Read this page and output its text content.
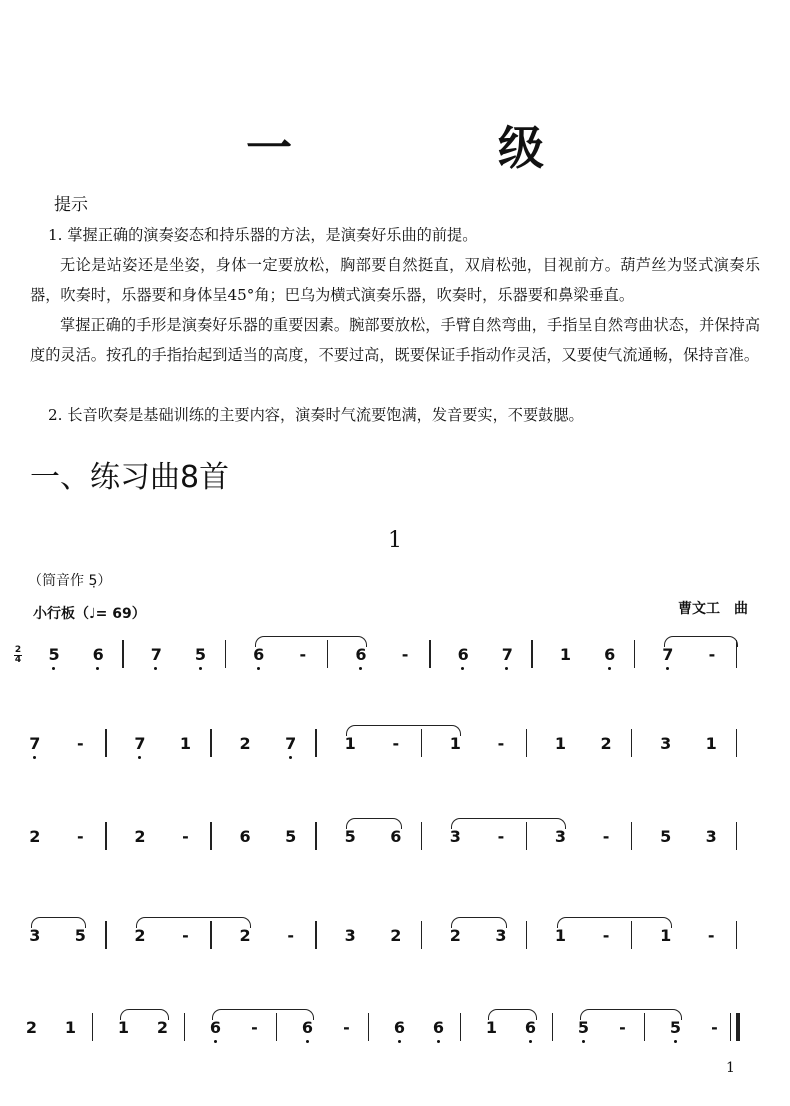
一　级
提示

1. 掌握正确的演奏姿态和持乐器的方法，是演奏好乐曲的前提。

无论是站姿还是坐姿，身体一定要放松，胸部要自然挺直，双肩松弛，目视前方。葫芦丝为竖式演奏乐器，吹奏时，乐器要和身体呈45°角；巴乌为横式演奏乐器，吹奏时，乐器要和鼻梁垂直。

掌握正确的手形是演奏好乐器的重要因素。腕部要放松，手臂自然弯曲，手指呈自然弯曲状态，并保持高度的灵活。按孔的手指抬起到适当的高度，不要过高，既要保证手指动作灵活，又要使气流通畅，保持音准。

2. 长音吹奏是基础训练的主要内容，演奏时气流要饱满，发音要实，不要鼓腮。

一、练习曲8首
1
（筒音作 5̣）
小行板（♩= 69）	曹文工　曲
2
4 5 6	7 5	6 -	6 -	6 7	1 6	7 -
7 -	7 1	2 7	1 -	1 -	1 2	3 1
2 -	2 -	6 5	5 6	3 -	3 -	5 3
3 5	2 -	2 -	3 2	2 3	1 -	1 -
2 1	1 2	6 -	6 -	6 6	1 6	5 -	5 -
1
